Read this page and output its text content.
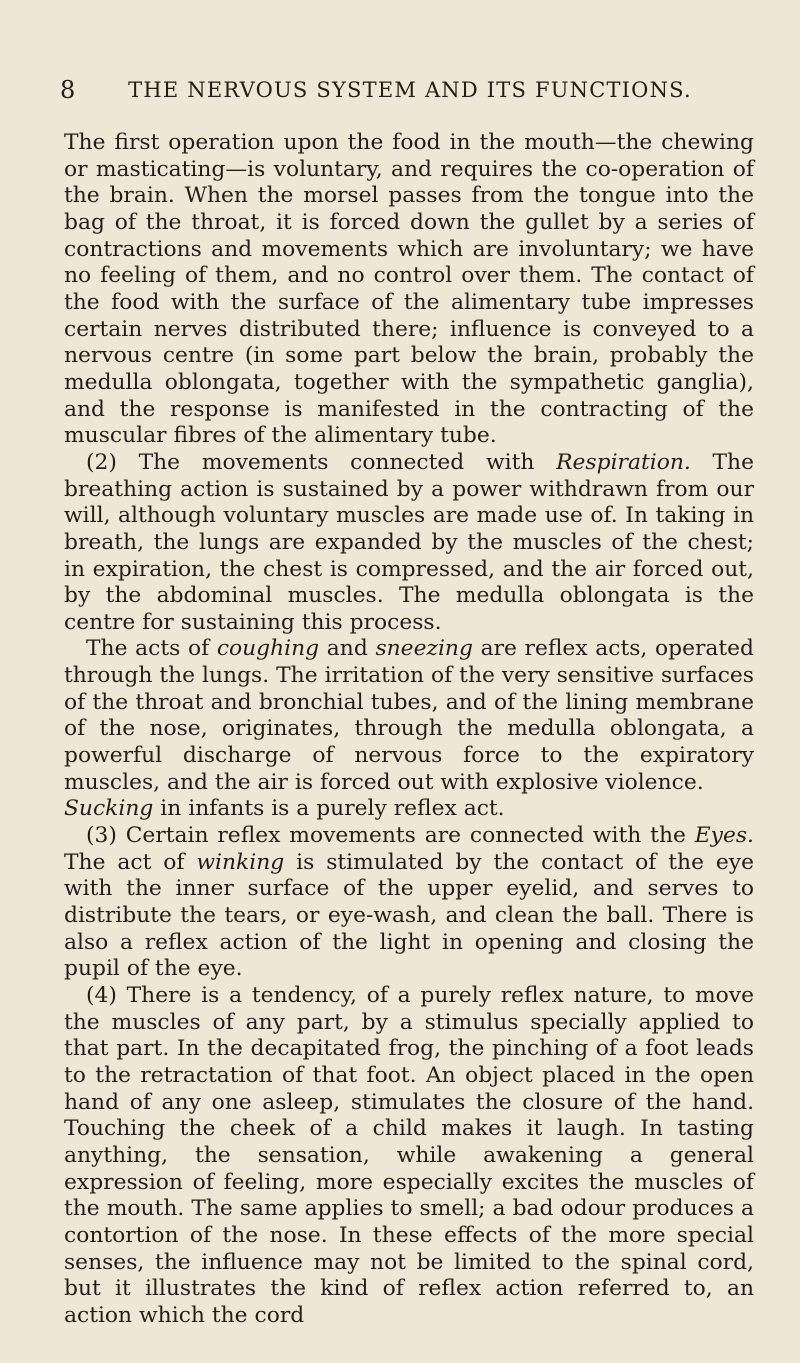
8	THE NERVOUS SYSTEM AND ITS FUNCTIONS.

The first operation upon the food in the mouth—the chewing or masticating—is voluntary, and requires the co-operation of the brain. When the morsel passes from the tongue into the bag of the throat, it is forced down the gullet by a series of contractions and movements which are involuntary; we have no feeling of them, and no control over them. The contact of the food with the surface of the alimentary tube impresses certain nerves distributed there; influence is conveyed to a nervous centre (in some part below the brain, probably the medulla oblongata, together with the sympathetic ganglia), and the response is manifested in the contracting of the muscular fibres of the alimentary tube.

(2) The movements connected with Respiration. The breathing action is sustained by a power withdrawn from our will, although voluntary muscles are made use of. In taking in breath, the lungs are expanded by the muscles of the chest; in expiration, the chest is compressed, and the air forced out, by the abdominal muscles. The medulla oblongata is the centre for sustaining this process.

The acts of coughing and sneezing are reflex acts, operated through the lungs. The irritation of the very sensitive surfaces of the throat and bronchial tubes, and of the lining membrane of the nose, originates, through the medulla oblongata, a powerful discharge of nervous force to the expiratory muscles, and the air is forced out with explosive violence.

Sucking in infants is a purely reflex act.

(3) Certain reflex movements are connected with the Eyes. The act of winking is stimulated by the contact of the eye with the inner surface of the upper eyelid, and serves to distribute the tears, or eye-wash, and clean the ball. There is also a reflex action of the light in opening and closing the pupil of the eye.

(4) There is a tendency, of a purely reflex nature, to move the muscles of any part, by a stimulus specially applied to that part. In the decapitated frog, the pinching of a foot leads to the retractation of that foot. An object placed in the open hand of any one asleep, stimulates the closure of the hand. Touching the cheek of a child makes it laugh. In tasting anything, the sensation, while awakening a general expression of feeling, more especially excites the muscles of the mouth. The same applies to smell; a bad odour produces a contortion of the nose. In these effects of the more special senses, the influence may not be limited to the spinal cord, but it illustrates the kind of reflex action referred to, an action which the cord
